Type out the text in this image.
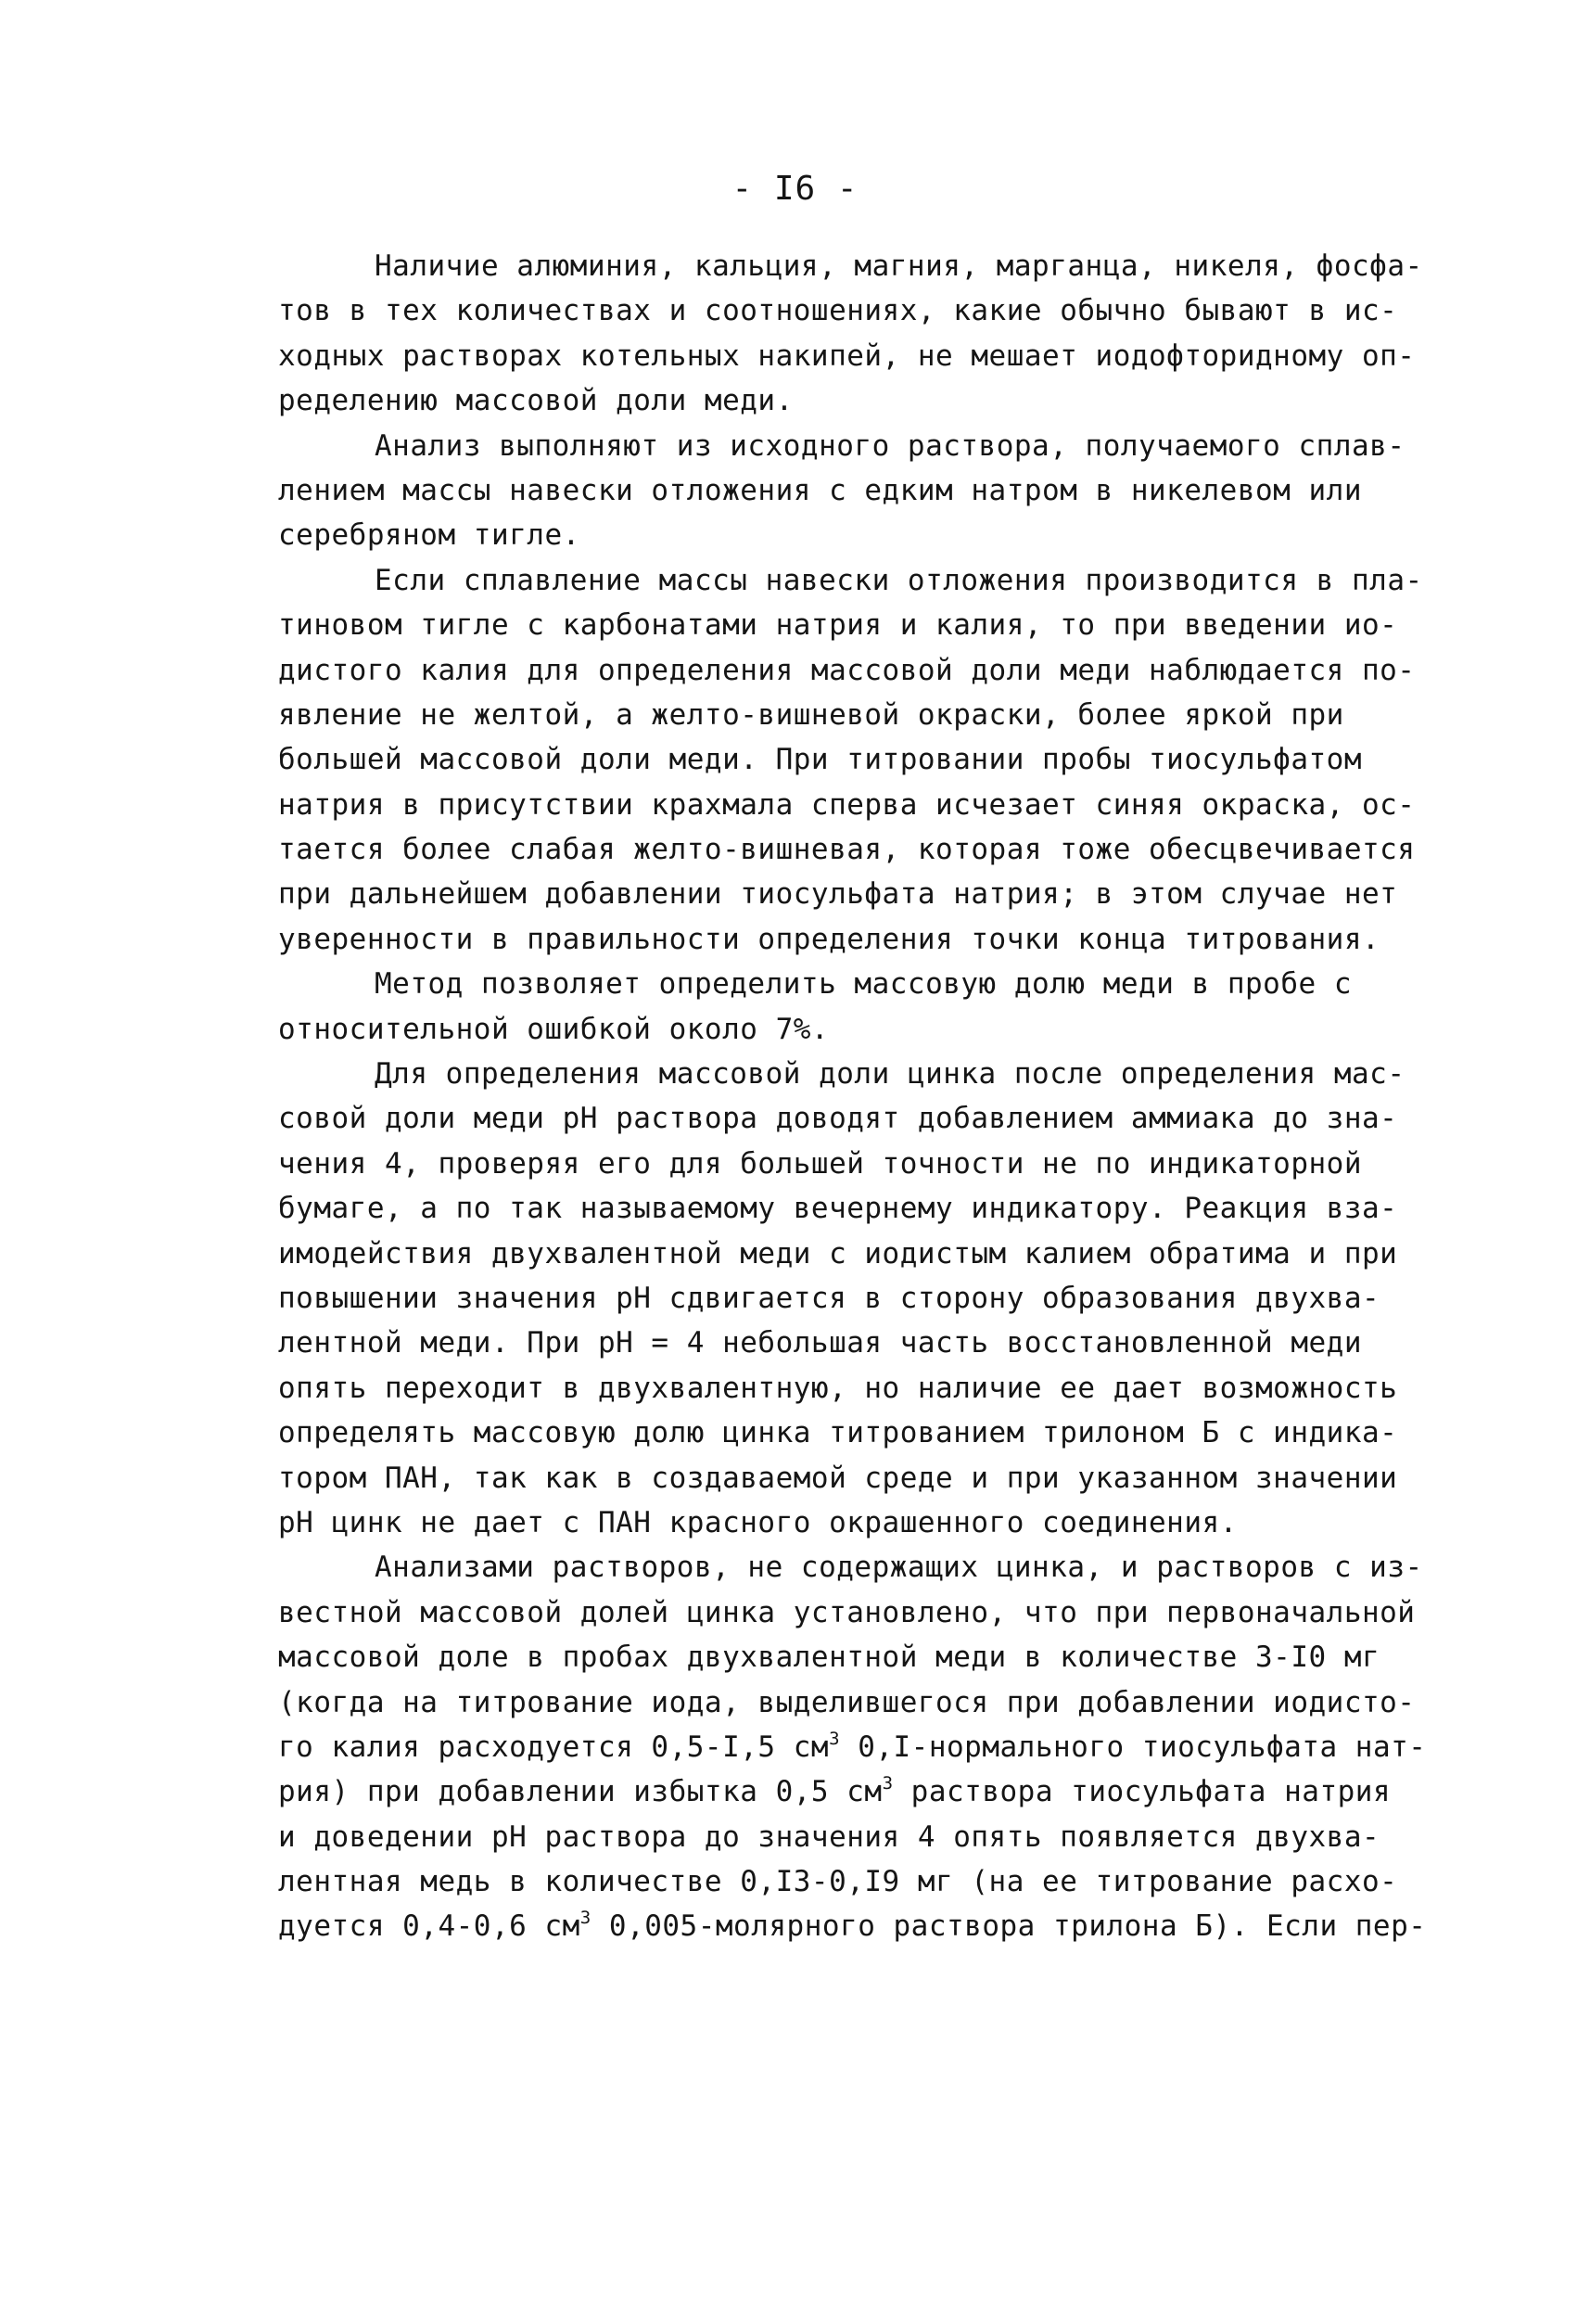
- I6 -
Наличие алюминия, кальция, магния, марганца, никеля, фосфа-
тов в тех количествах и соотношениях, какие обычно бывают в ис-
ходных растворах котельных накипей, не мешает иодофторидному оп-
ределению массовой доли меди.
Анализ выполняют из исходного раствора, получаемого сплав-
лением массы навески отложения с едким натром в никелевом или
серебряном тигле.
Если сплавление массы навески отложения производится в пла-
тиновом тигле с карбонатами натрия и калия, то при введении ио-
дистого калия для определения массовой доли меди наблюдается по-
явление не желтой, а желто-вишневой окраски, более яркой при
большей массовой доли меди. При титровании пробы тиосульфатом
натрия в присутствии крахмала сперва исчезает синяя окраска, ос-
тается более слабая желто-вишневая, которая тоже обесцвечивается
при дальнейшем добавлении тиосульфата натрия; в этом случае нет
уверенности в правильности определения точки конца титрования.
Метод позволяет определить массовую долю меди в пробе с
относительной ошибкой около 7%.
Для определения массовой доли цинка после определения мас-
совой доли меди pH раствора доводят добавлением аммиака до зна-
чения 4, проверяя его для большей точности не по индикаторной
бумаге, а по так называемому вечернему индикатору. Реакция вза-
имодействия двухвалентной меди с иодистым калием обратима и при
повышении значения pH сдвигается в сторону образования двухва-
лентной меди. При pH = 4 небольшая часть восстановленной меди
опять переходит в двухвалентную, но наличие ее дает возможность
определять массовую долю цинка титрованием трилоном Б с индика-
тором ПАН, так как в создаваемой среде и при указанном значении
pH цинк не дает с ПАН красного окрашенного соединения.
Анализами растворов, не содержащих цинка, и растворов с из-
вестной массовой долей цинка установлено, что при первоначальной
массовой доле в пробах двухвалентной меди в количестве 3-I0 мг
(когда на титрование иода, выделившегося при добавлении иодисто-
го калия расходуется 0,5-I,5 $см^3$ 0,I-нормального тиосульфата нат-
рия) при добавлении избытка 0,5 $см^3$ раствора тиосульфата натрия
и доведении pH раствора до значения 4 опять появляется двухва-
лентная медь в количестве 0,I3-0,I9 мг (на ее титрование расхо-
дуется 0,4-0,6 $см^3$ 0,005-молярного раствора трилона Б). Если пер-
